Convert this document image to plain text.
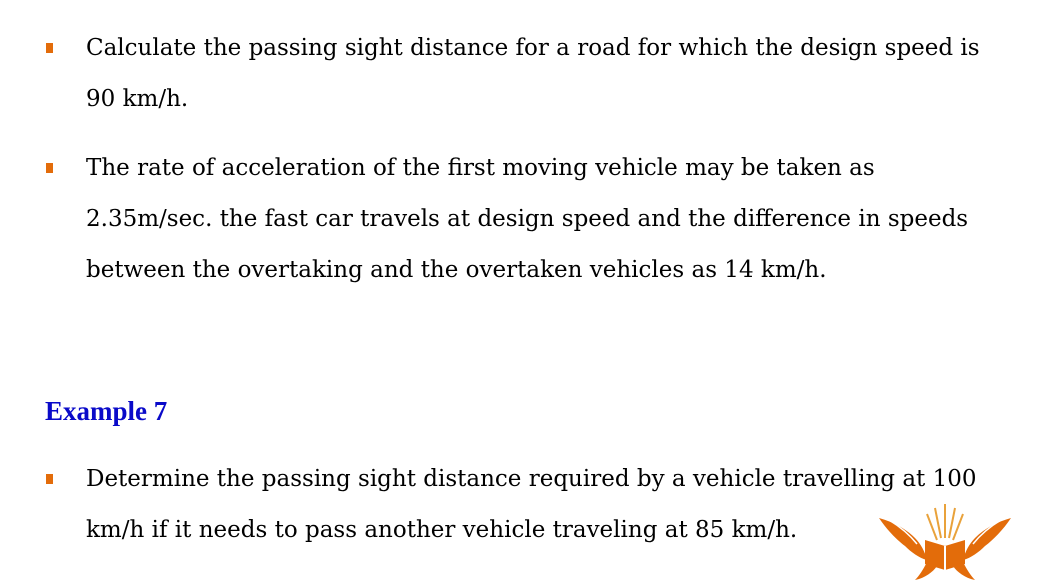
Calculate the passing sight distance for a road for which the design speed is
90 km/h.
The rate of acceleration of the first moving vehicle may be taken as
2.35m/sec. the fast car travels at design speed and the difference in speeds
between the overtaking and the overtaken vehicles as 14 km/h.
Example 7
Determine the passing sight distance required by a vehicle travelling at 100
km/h if it needs to pass another vehicle traveling at 85 km/h.
